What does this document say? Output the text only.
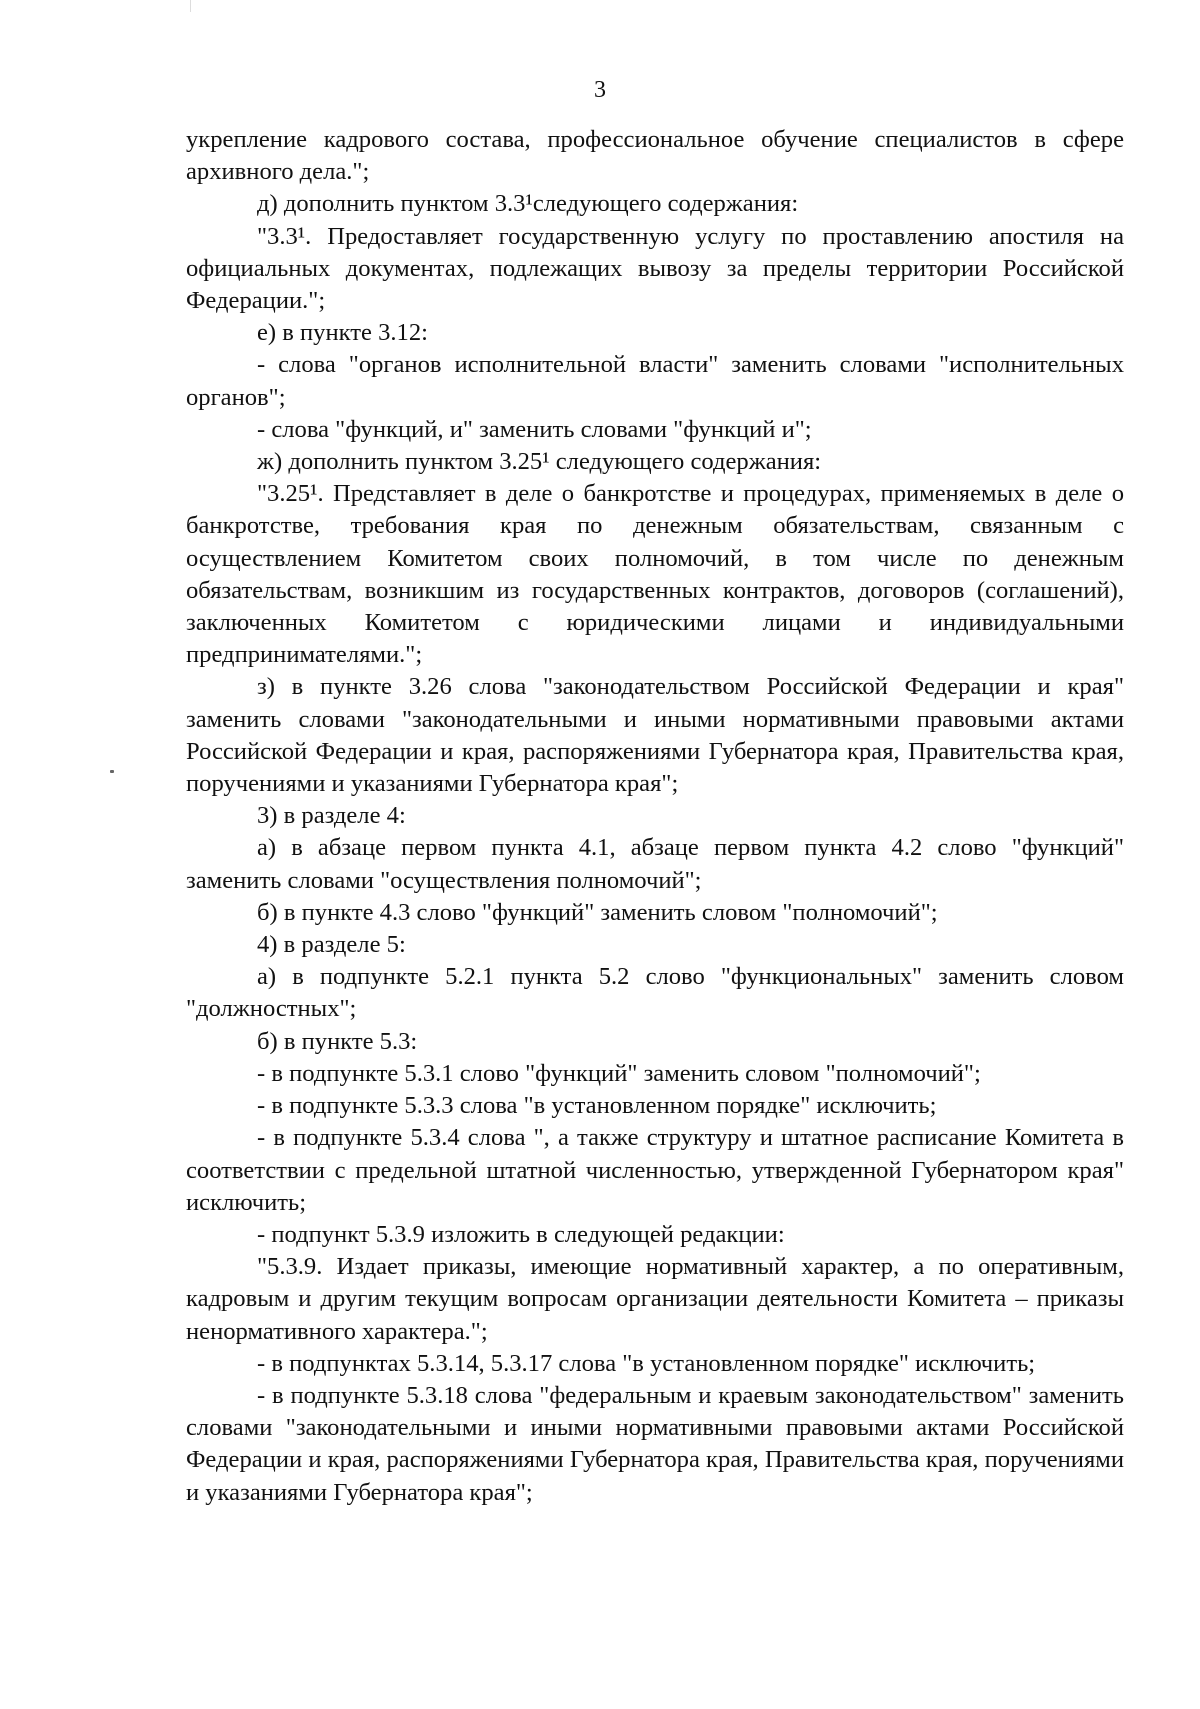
3

укрепление кадрового состава, профессиональное обучение специалистов в сфере архивного дела.";

д) дополнить пунктом 3.3¹следующего содержания:

"3.3¹. Предоставляет государственную услугу по проставлению апостиля на официальных документах, подлежащих вывозу за пределы территории Российской Федерации.";

е) в пункте 3.12:

- слова "органов исполнительной власти" заменить словами "исполнительных органов";

- слова "функций, и" заменить словами "функций и";

ж) дополнить пунктом 3.25¹ следующего содержания:

"3.25¹. Представляет в деле о банкротстве и процедурах, применяемых в деле о банкротстве, требования края по денежным обязательствам, связанным с осуществлением Комитетом своих полномочий, в том числе по денежным обязательствам, возникшим из государственных контрактов, договоров (соглашений), заключенных Комитетом с юридическими лицами и индивидуальными предпринимателями.";

з) в пункте 3.26 слова "законодательством Российской Федерации и края" заменить словами "законодательными и иными нормативными правовыми актами Российской Федерации и края, распоряжениями Губернатора края, Правительства края, поручениями и указаниями Губернатора края";

3) в разделе 4:

а) в абзаце первом пункта 4.1, абзаце первом пункта 4.2 слово "функций" заменить словами "осуществления полномочий";

б) в пункте 4.3 слово "функций" заменить словом "полномочий";

4) в разделе 5:

а) в подпункте 5.2.1 пункта 5.2 слово "функциональных" заменить словом "должностных";

б) в пункте 5.3:

- в подпункте 5.3.1 слово "функций" заменить словом "полномочий";

- в подпункте 5.3.3 слова "в установленном порядке" исключить;

- в подпункте 5.3.4 слова ", а также структуру и штатное расписание Комитета в соответствии с предельной штатной численностью, утвержденной Губернатором края" исключить;

- подпункт 5.3.9 изложить в следующей редакции:

"5.3.9. Издает приказы, имеющие нормативный характер, а по оперативным, кадровым и другим текущим вопросам организации деятельности Комитета – приказы ненормативного характера.";

- в подпунктах 5.3.14, 5.3.17 слова "в установленном порядке" исключить;

- в подпункте 5.3.18 слова "федеральным и краевым законодательством" заменить словами "законодательными и иными нормативными правовыми актами Российской Федерации и края, распоряжениями Губернатора края, Правительства края, поручениями и указаниями Губернатора края";
